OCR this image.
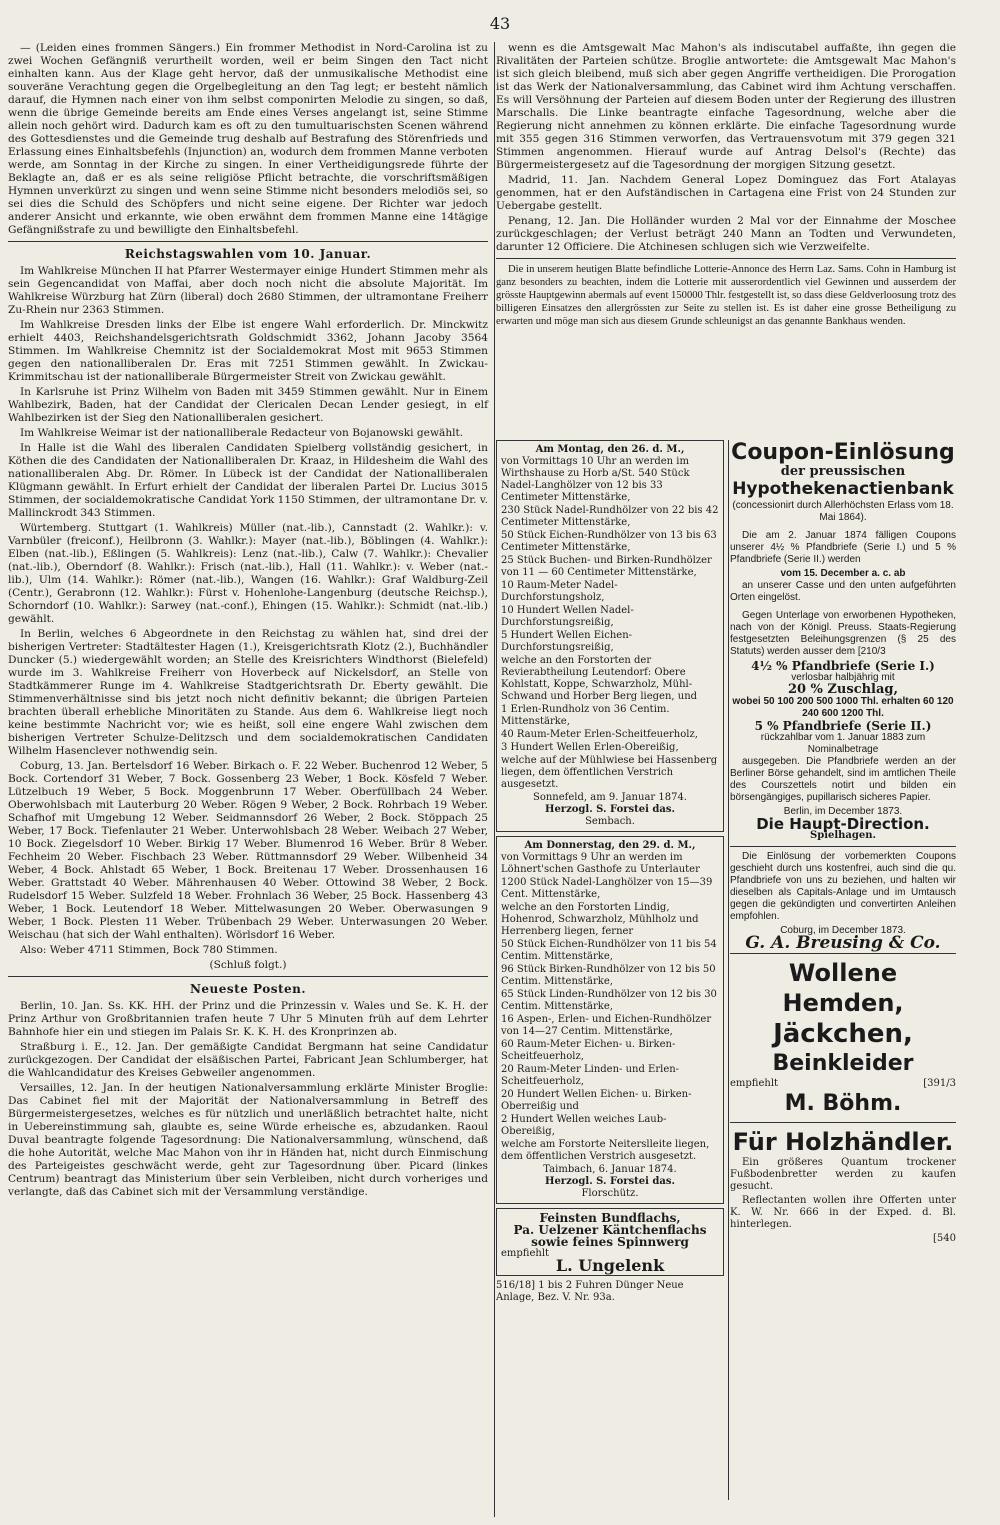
43

— (Leiden eines frommen Sängers.) Ein frommer Methodist in Nord-Carolina ist zu zwei Wochen Gefängniß verurtheilt worden, weil er beim Singen den Tact nicht einhalten kann. Aus der Klage geht hervor, daß der unmusikalische Methodist eine souveräne Verachtung gegen die Orgelbegleitung an den Tag legt; er besteht nämlich darauf, die Hymnen nach einer von ihm selbst componirten Melodie zu singen, so daß, wenn die übrige Gemeinde bereits am Ende eines Verses angelangt ist, seine Stimme allein noch gehört wird. Dadurch kam es oft zu den tumultuarischsten Scenen während des Gottesdienstes und die Gemeinde trug deshalb auf Bestrafung des Störenfrieds und Erlassung eines Einhaltsbefehls (Injunction) an, wodurch dem frommen Manne verboten werde, am Sonntag in der Kirche zu singen. In einer Vertheidigungsrede führte der Beklagte an, daß er es als seine religiöse Pflicht betrachte, die vorschriftsmäßigen Hymnen unverkürzt zu singen und wenn seine Stimme nicht besonders melodiös sei, so sei dies die Schuld des Schöpfers und nicht seine eigene. Der Richter war jedoch anderer Ansicht und erkannte, wie oben erwähnt dem frommen Manne eine 14tägige Gefängnißstrafe zu und bewilligte den Einhaltsbefehl.

Reichstagswahlen vom 10. Januar.

Im Wahlkreise München II hat Pfarrer Westermayer einige Hundert Stimmen mehr als sein Gegencandidat von Maffai, aber doch noch nicht die absolute Majorität. Im Wahlkreise Würzburg hat Zürn (liberal) doch 2680 Stimmen, der ultramontane Freiherr Zu-Rhein nur 2363 Stimmen.

Im Wahlkreise Dresden links der Elbe ist engere Wahl erforderlich. Dr. Minckwitz erhielt 4403, Reichshandelsgerichtsrath Goldschmidt 3362, Johann Jacoby 3564 Stimmen. Im Wahlkreise Chemnitz ist der Socialdemokrat Most mit 9653 Stimmen gegen den nationalliberalen Dr. Eras mit 7251 Stimmen gewählt. In Zwickau-Krimmitschau ist der nationalliberale Bürgermeister Streit von Zwickau gewählt.

In Karlsruhe ist Prinz Wilhelm von Baden mit 3459 Stimmen gewählt. Nur in Einem Wahlbezirk, Baden, hat der Candidat der Clericalen Decan Lender gesiegt, in elf Wahlbezirken ist der Sieg den Nationalliberalen gesichert.

Im Wahlkreise Weimar ist der nationalliberale Redacteur von Bojanowski gewählt.

In Halle ist die Wahl des liberalen Candidaten Spielberg vollständig gesichert, in Köthen die des Candidaten der Nationalliberalen Dr. Kraaz, in Hildesheim die Wahl des nationalliberalen Abg. Dr. Römer. In Lübeck ist der Candidat der Nationalliberalen Klügmann gewählt. In Erfurt erhielt der Candidat der liberalen Partei Dr. Lucius 3015 Stimmen, der socialdemokratische Candidat York 1150 Stimmen, der ultramontane Dr. v. Mallinckrodt 343 Stimmen.

Würtemberg. Stuttgart (1. Wahlkreis) Müller (nat.-lib.), Cannstadt (2. Wahlkr.): v. Varnbüler (freiconf.), Heilbronn (3. Wahlkr.): Mayer (nat.-lib.), Böblingen (4. Wahlkr.): Elben (nat.-lib.), Eßlingen (5. Wahlkreis): Lenz (nat.-lib.), Calw (7. Wahlkr.): Chevalier (nat.-lib.), Oberndorf (8. Wahlkr.): Frisch (nat.-lib.), Hall (11. Wahlkr.): v. Weber (nat.-lib.), Ulm (14. Wahlkr.): Römer (nat.-lib.), Wangen (16. Wahlkr.): Graf Waldburg-Zeil (Centr.), Gerabronn (12. Wahlkr.): Fürst v. Hohenlohe-Langenburg (deutsche Reichsp.), Schorndorf (10. Wahlkr.): Sarwey (nat.-conf.), Ehingen (15. Wahlkr.): Schmidt (nat.-lib.) gewählt.

In Berlin, welches 6 Abgeordnete in den Reichstag zu wählen hat, sind drei der bisherigen Vertreter: Stadtältester Hagen (1.), Kreisgerichtsrath Klotz (2.), Buchhändler Duncker (5.) wiedergewählt worden; an Stelle des Kreisrichters Windthorst (Bielefeld) wurde im 3. Wahlkreise Freiherr von Hoverbeck auf Nickelsdorf, an Stelle von Stadtkämmerer Runge im 4. Wahlkreise Stadtgerichtsrath Dr. Eberty gewählt. Die Stimmenverhältnisse sind bis jetzt noch nicht definitiv bekannt; die übrigen Parteien brachten überall erhebliche Minoritäten zu Stande. Aus dem 6. Wahlkreise liegt noch keine bestimmte Nachricht vor; wie es heißt, soll eine engere Wahl zwischen dem bisherigen Vertreter Schulze-Delitzsch und dem socialdemokratischen Candidaten Wilhelm Hasenclever nothwendig sein.

Coburg, 13. Jan. Bertelsdorf 16 Weber. Birkach o. F. 22 Weber. Buchenrod 12 Weber, 5 Bock. Cortendorf 31 Weber, 7 Bock. Gossenberg 23 Weber, 1 Bock. Kösfeld 7 Weber. Lützelbuch 19 Weber, 5 Bock. Moggenbrunn 17 Weber. Oberfüllbach 24 Weber. Oberwohlsbach mit Lauterburg 20 Weber. Rögen 9 Weber, 2 Bock. Rohrbach 19 Weber. Schafhof mit Umgebung 12 Weber. Seidmannsdorf 26 Weber, 2 Bock. Stöppach 25 Weber, 17 Bock. Tiefenlauter 21 Weber. Unterwohlsbach 28 Weber. Weibach 27 Weber, 10 Bock. Ziegelsdorf 10 Weber. Birkig 17 Weber. Blumenrod 16 Weber. Brür 8 Weber. Fechheim 20 Weber. Fischbach 23 Weber. Rüttmannsdorf 29 Weber. Wilbenheid 34 Weber, 4 Bock. Ahlstadt 65 Weber, 1 Bock. Breitenau 17 Weber. Drossenhausen 16 Weber. Grattstadt 40 Weber. Mährenhausen 40 Weber. Ottowind 38 Weber, 2 Bock. Rudelsdorf 15 Weber. Sulzfeld 18 Weber. Frohnlach 36 Weber, 25 Bock. Hassenberg 43 Weber, 1 Bock. Leutendorf 18 Weber. Mittelwasungen 20 Weber. Oberwasungen 9 Weber, 1 Bock. Plesten 11 Weber. Trübenbach 29 Weber. Unterwasungen 20 Weber. Weischau (hat sich der Wahl enthalten). Wörlsdorf 16 Weber.

Also: Weber 4711 Stimmen, Bock 780 Stimmen.

(Schluß folgt.)
Neueste Posten.

Berlin, 10. Jan. Ss. KK. HH. der Prinz und die Prinzessin v. Wales und Se. K. H. der Prinz Arthur von Großbritannien trafen heute 7 Uhr 5 Minuten früh auf dem Lehrter Bahnhofe hier ein und stiegen im Palais Sr. K. K. H. des Kronprinzen ab.

Straßburg i. E., 12. Jan. Der gemäßigte Candidat Bergmann hat seine Candidatur zurückgezogen. Der Candidat der elsäßischen Partei, Fabricant Jean Schlumberger, hat die Wahlcandidatur des Kreises Gebweiler angenommen.

Versailles, 12. Jan. In der heutigen Nationalversammlung erklärte Minister Broglie: Das Cabinet fiel mit der Majorität der Nationalversammlung in Betreff des Bürgermeistergesetzes, welches es für nützlich und unerläßlich betrachtet halte, nicht in Uebereinstimmung sah, glaubte es, seine Würde erheische es, abzudanken. Raoul Duval beantragte folgende Tagesordnung: Die Nationalversammlung, wünschend, daß die hohe Autorität, welche Mac Mahon von ihr in Händen hat, nicht durch Einmischung des Parteigeistes geschwächt werde, geht zur Tagesordnung über. Picard (linkes Centrum) beantragt das Ministerium über sein Verbleiben, nicht durch vorheriges und verlangte, daß das Cabinet sich mit der Versammlung verständige.

wenn es die Amtsgewalt Mac Mahon's als indiscutabel auffaßte, ihn gegen die Rivalitäten der Parteien schütze. Broglie antwortete: die Amtsgewalt Mac Mahon's ist sich gleich bleibend, muß sich aber gegen Angriffe vertheidigen. Die Prorogation ist das Werk der Nationalversammlung, das Cabinet wird ihm Achtung verschaffen. Es will Versöhnung der Parteien auf diesem Boden unter der Regierung des illustren Marschalls. Die Linke beantragte einfache Tagesordnung, welche aber die Regierung nicht annehmen zu können erklärte. Die einfache Tagesordnung wurde mit 355 gegen 316 Stimmen verworfen, das Vertrauensvotum mit 379 gegen 321 Stimmen angenommen. Hierauf wurde auf Antrag Delsol's (Rechte) das Bürgermeistergesetz auf die Tagesordnung der morgigen Sitzung gesetzt.

Madrid, 11. Jan. Nachdem General Lopez Dominguez das Fort Atalayas genommen, hat er den Aufständischen in Cartagena eine Frist von 24 Stunden zur Uebergabe gestellt.

Penang, 12. Jan. Die Holländer wurden 2 Mal vor der Einnahme der Moschee zurückgeschlagen; der Verlust beträgt 240 Mann an Todten und Verwundeten, darunter 12 Officiere. Die Atchinesen schlugen sich wie Verzweifelte.

Die in unserem heutigen Blatte befindliche Lotterie-Annonce des Herrn Laz. Sams. Cohn in Hamburg ist ganz besonders zu beachten, indem die Lotterie mit ausserordentlich viel Gewinnen und ausserdem der grösste Hauptgewinn abermals auf event 150000 Thlr. festgestellt ist, so dass diese Geldverloosung trotz des billigeren Einsatzes den allergrössten zur Seite zu stellen ist. Es ist daher eine grosse Betheiligung zu erwarten und möge man sich aus diesem Grunde schleunigst an das genannte Bankhaus wenden.

Am Montag, den 26. d. M.,
von Vormittags 10 Uhr an werden im Wirthshause zu Horb a/St. 540 Stück Nadel-Langhölzer von 12 bis 33 Centimeter Mittenstärke,
230 Stück Nadel-Rundhölzer von 22 bis 42 Centimeter Mittenstärke,
50 Stück Eichen-Rundhölzer von 13 bis 63 Centimeter Mittenstärke,
25 Stück Buchen- und Birken-Rundhölzer von 11 — 60 Centimeter Mittenstärke,
10 Raum-Meter Nadel-Durchforstungsholz,
10 Hundert Wellen Nadel-Durchforstungsreißig,
5 Hundert Wellen Eichen-Durchforstungsreißig,
welche an den Forstorten der Revierabtheilung Leutendorf: Obere Kohlstatt, Koppe, Schwarzholz, Mühl-Schwand und Horber Berg liegen, und
1 Erlen-Rundholz von 36 Centim. Mittenstärke,
40 Raum-Meter Erlen-Scheitfeuerholz,
3 Hundert Wellen Erlen-Obereißig,
welche auf der Mühlwiese bei Hassenberg liegen, dem öffentlichen Verstrich ausgesetzt.
Sonnefeld, am 9. Januar 1874.
Herzogl. S. Forstei das.
Sembach.
Am Donnerstag, den 29. d. M.,
von Vormittags 9 Uhr an werden im Löhnert'schen Gasthofe zu Unterlauter
1200 Stück Nadel-Langhölzer von 15—39 Cent. Mittenstärke,
welche an den Forstorten Lindig, Hohenrod, Schwarzholz, Mühlholz und Herrenberg liegen, ferner
50 Stück Eichen-Rundhölzer von 11 bis 54 Centim. Mittenstärke,
96 Stück Birken-Rundhölzer von 12 bis 50 Centim. Mittenstärke,
65 Stück Linden-Rundhölzer von 12 bis 30 Centim. Mittenstärke,
16 Aspen-, Erlen- und Eichen-Rundhölzer von 14—27 Centim. Mittenstärke,
60 Raum-Meter Eichen- u. Birken-Scheitfeuerholz,
20 Raum-Meter Linden- und Erlen-Scheitfeuerholz,
20 Hundert Wellen Eichen- u. Birken-Oberreißig und
2 Hundert Wellen weiches Laub-Obereißig,
welche am Forstorte Neiterslleite liegen, dem öffentlichen Verstrich ausgesetzt.
Taimbach, 6. Januar 1874.
Herzogl. S. Forstei das.
Florschütz.
Feinsten Bundflachs,
Pa. Uelzener Käntchenflachs
sowie feines Spinnwerg
empfiehlt
L. Ungelenk
516/18] 1 bis 2 Fuhren Dünger Neue Anlage, Bez. V. Nr. 93a.
Coupon-Einlösung
der preussischen
Hypothekenactienbank
(concessionirt durch Allerhöchsten Erlass vom 18. Mai 1864).

Die am 2. Januar 1874 fälligen Coupons unserer 4½ % Pfandbriefe (Serie I.) und 5 % Pfandbriefe (Serie II.) werden

vom 15. December a. c. ab

an unserer Casse und den unten aufgeführten Orten eingelöst.

Gegen Unterlage von erworbenen Hypotheken, nach von der Königl. Preuss. Staats-Regierung festgesetzten Beleihungsgrenzen (§ 25 des Statuts) werden ausser dem [210/3

4½ % Pfandbriefe (Serie I.)
verlosbar halbjährig mit
20 % Zuschlag,
wobei 50 100 200 500 1000 Thl. erhalten 60 120 240 600 1200 Thl.
5 % Pfandbriefe (Serie II.)
rückzahlbar vom 1. Januar 1883 zum Nominalbetrage

ausgegeben. Die Pfandbriefe werden an der Berliner Börse gehandelt, sind im amtlichen Theile des Courszettels notirt und bilden ein börsengängiges, pupillarisch sicheres Papier.

Berlin, im December 1873.
Die Haupt-Direction.
Spielhagen.

Die Einlösung der vorbemerkten Coupons geschieht durch uns kostenfrei, auch sind die qu. Pfandbriefe von uns zu beziehen, und halten wir dieselben als Capitals-Anlage und im Umtausch gegen die gekündigten und convertirten Anleihen empfohlen.

Coburg, im December 1873.
G. A. Breusing & Co.
Wollene Hemden,
Jäckchen,
Beinkleider
empfiehlt	[391/3
M. Böhm.
Für Holzhändler.

Ein größeres Quantum trockener Fußbodenbretter werden zu kaufen gesucht.

Reflectanten wollen ihre Offerten unter K. W. Nr. 666 in der Exped. d. Bl. hinterlegen.

[540
